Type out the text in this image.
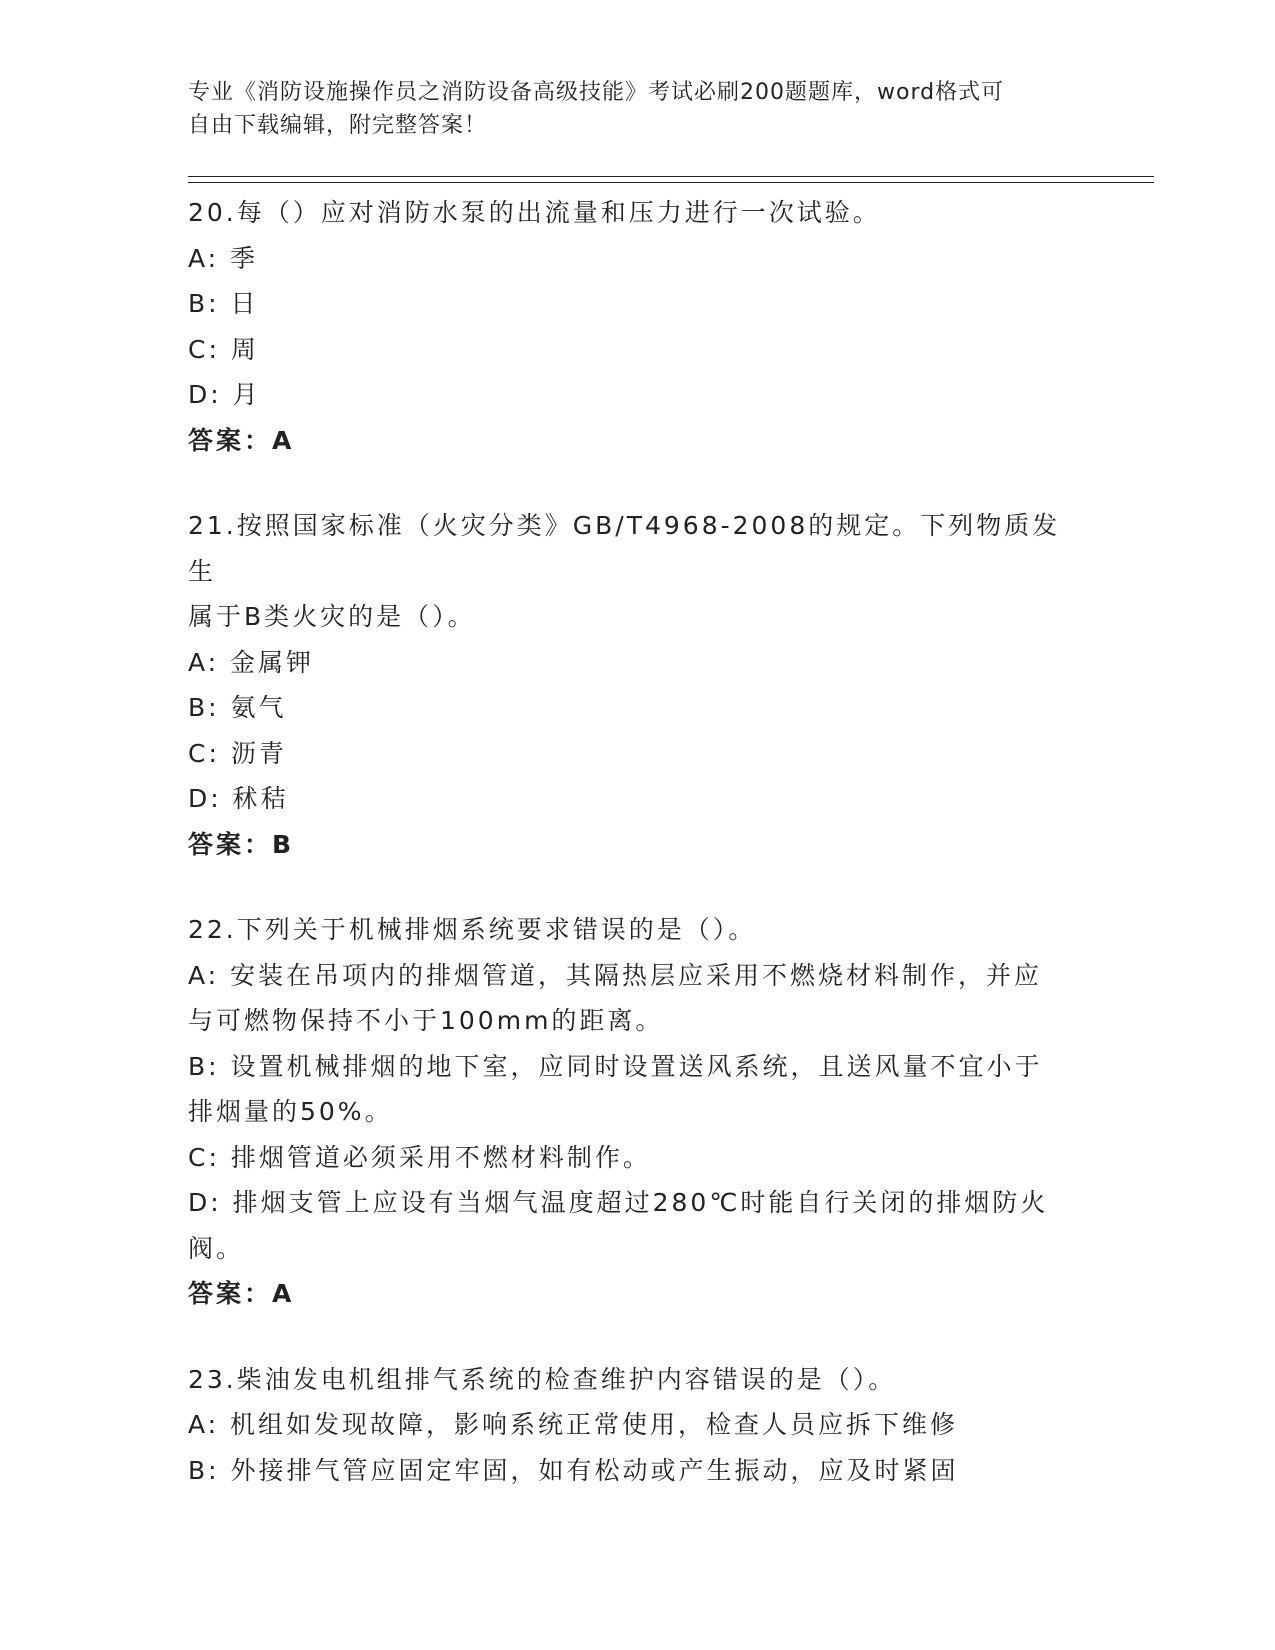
专业《消防设施操作员之消防设备高级技能》考试必刷200题题库，word格式可
自由下载编辑，附完整答案！
20.每（）应对消防水泵的出流量和压力进行一次试验。
A: 季
B: 日
C: 周
D: 月
答案：A
21.按照国家标准（火灾分类》GB/T4968-2008的规定。下列物质发生
属于B类火灾的是（）。
A: 金属钾
B: 氨气
C: 沥青
D: 秫秸
答案：B
22.下列关于机械排烟系统要求错误的是（）。
A: 安装在吊项内的排烟管道，其隔热层应采用不燃烧材料制作，并应
与可燃物保持不小于100mm的距离。
B: 设置机械排烟的地下室，应同时设置送风系统，且送风量不宜小于
排烟量的50%。
C: 排烟管道必须采用不燃材料制作。
D: 排烟支管上应设有当烟气温度超过280℃时能自行关闭的排烟防火
阀。
答案：A
23.柴油发电机组排气系统的检查维护内容错误的是（）。
A: 机组如发现故障，影响系统正常使用，检查人员应拆下维修
B: 外接排气管应固定牢固，如有松动或产生振动，应及时紧固
